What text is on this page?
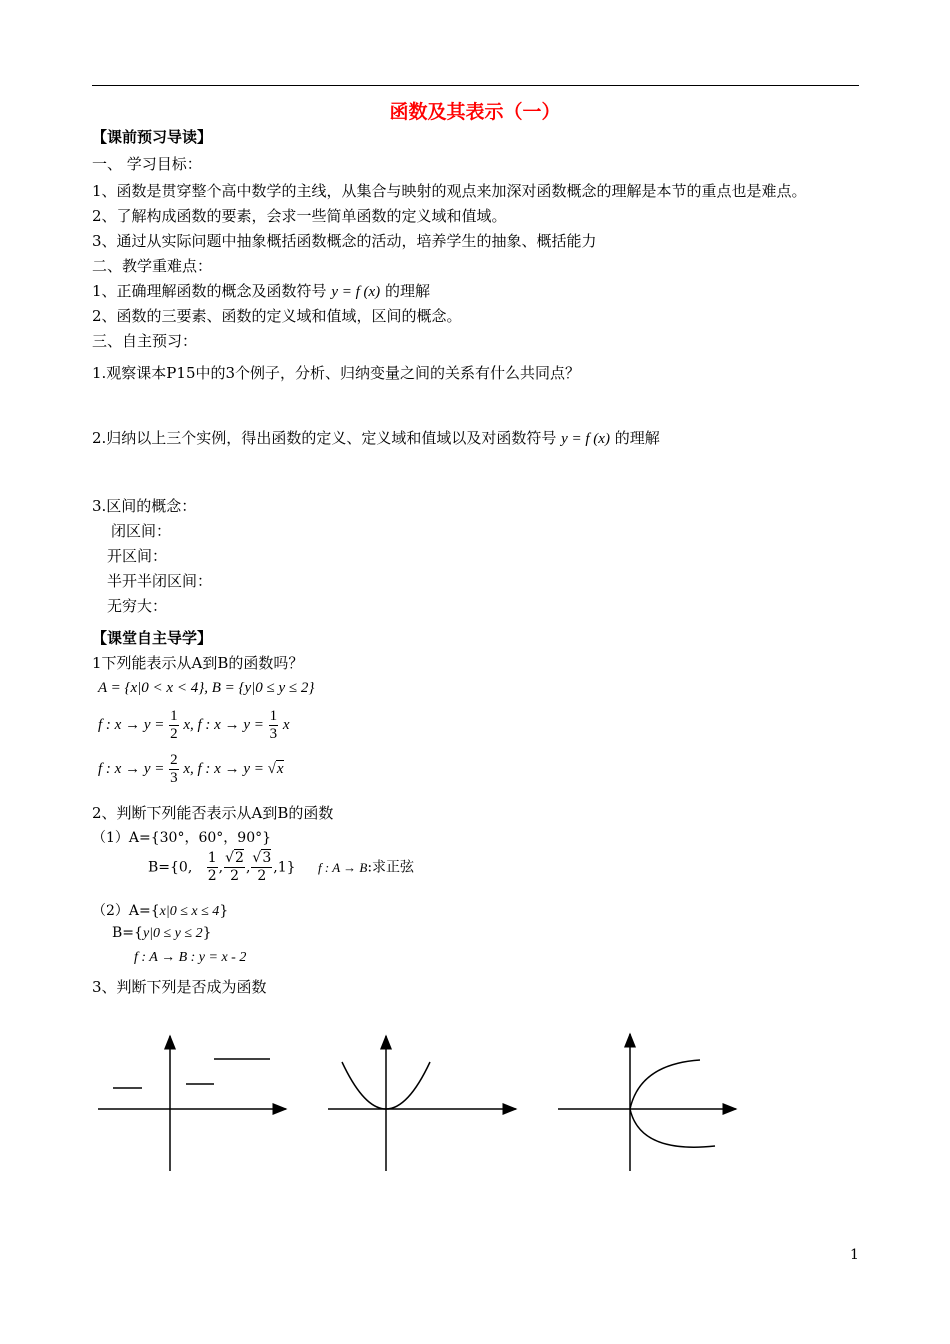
函数及其表示（一）
【课前预习导读】
一、 学习目标：
1、函数是贯穿整个高中数学的主线，从集合与映射的观点来加深对函数概念的理解是本节的重点也是难点。
2、了解构成函数的要素，会求一些简单函数的定义域和值域。
3、通过从实际问题中抽象概括函数概念的活动，培养学生的抽象、概括能力
二、教学重难点：
1、正确理解函数的概念及函数符号 y = f (x) 的理解
2、函数的三要素、函数的定义域和值域，区间的概念。
三、自主预习：
1.观察课本P15中的3个例子，分析、归纳变量之间的关系有什么共同点？
2.归纳以上三个实例，得出函数的定义、定义域和值域以及对函数符号 y = f (x) 的理解
3.区间的概念：
闭区间：
开区间：
半开半闭区间：
无穷大：
【课堂自主导学】
1下列能表示从A到B的函数吗？
A = {x|0 < x < 4}, B = {y|0 ≤ y ≤ 2}
f : $x \to y = \frac{1}{2} x$, f : $x \to y = \frac{1}{3}$ x
f : $x \to y = \frac{2}{3} x$, f : x → y = √x
2、判断下列能否表示从A到B的函数
（1）A={30°，60°，90°}
B={0, $\frac{1}{2}$ , $\frac{√2}{2}$ , $\frac{√3}{2} ,1$} f : A → B:求正弦
（2）A={x|0 ≤ x ≤ 4}
B={y|0 ≤ y ≤ 2}
f : A → B : y = x - 2
3、判断下列是否成为函数
1
